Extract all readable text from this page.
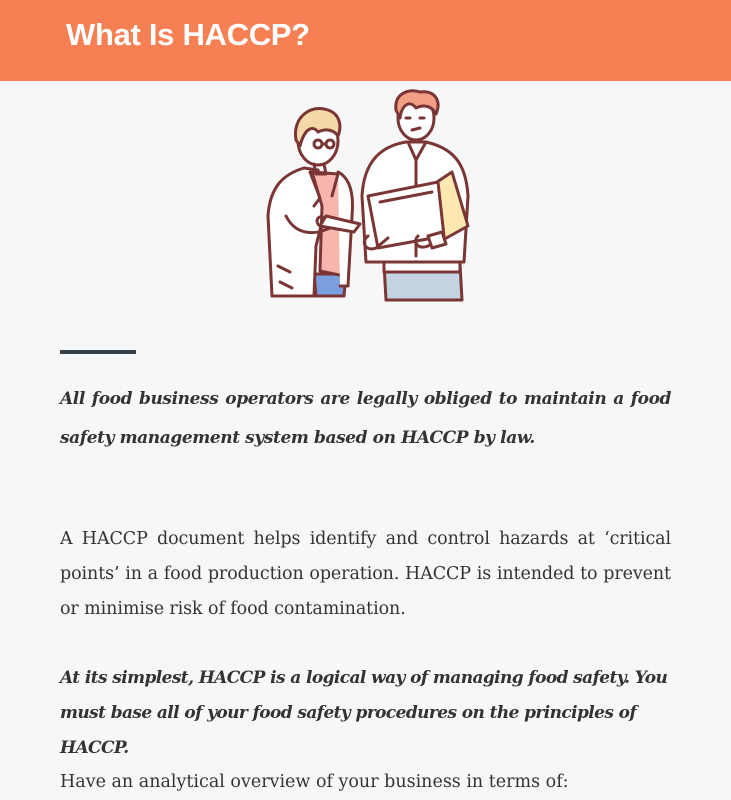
What Is HACCP?

All food business operators are legally obliged to maintain a food safety management system based on HACCP by law.

A HACCP document helps identify and control hazards at ‘critical points’ in a food production operation. HACCP is intended to prevent or minimise risk of food contamination.

At its simplest, HACCP is a logical way of managing food safety. You must base all of your food safety procedures on the principles of HACCP.

Have an analytical overview of your business in terms of:
